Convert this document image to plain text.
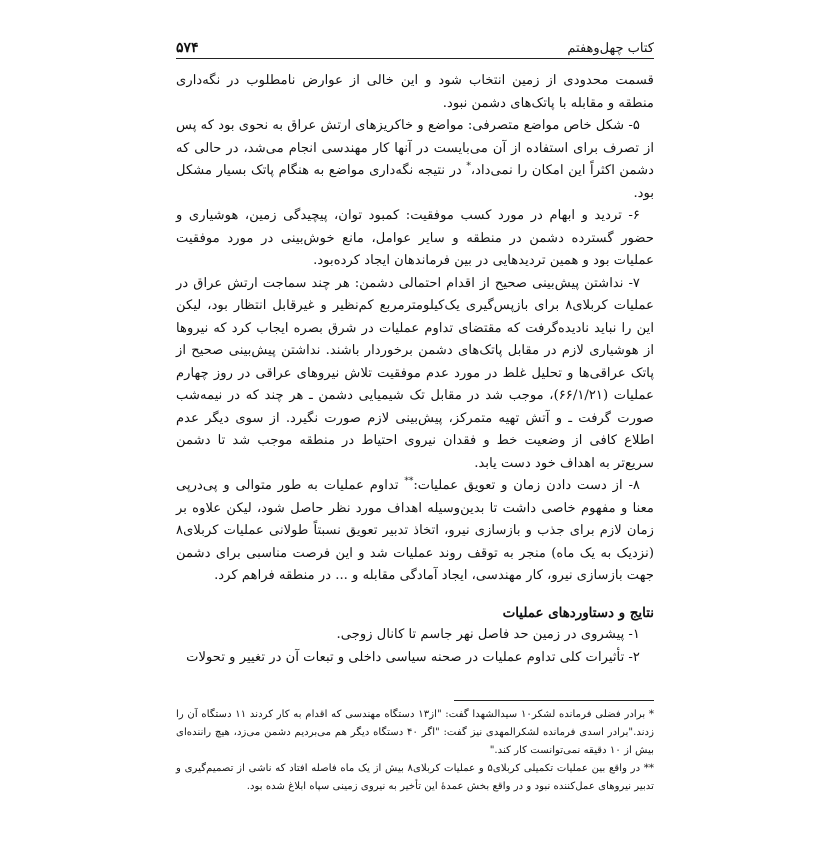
کتاب چهل‌وهفتم
۵۷۴

قسمت محدودی از زمین انتخاب شود و این خالی از عوارض نامطلوب در نگه‌داری منطقه و مقابله با پاتک‌های دشمن نبود.

۵- شکل خاص مواضع متصرفی: مواضع و خاکریزهای ارتش عراق به نحوی بود که پس از تصرف برای استفاده از آن می‌بایست در آنها کار مهندسی انجام می‌شد، در حالی که دشمن اکثراً این امکان را نمی‌داد،* در نتیجه نگه‌داری مواضع به هنگام پاتک بسیار مشکل بود.

۶- تردید و ابهام در مورد کسب موفقیت: کمبود توان، پیچیدگی زمین، هوشیاری و حضور گسترده دشمن در منطقه و سایر عوامل، مانع خوش‌بینی در مورد موفقیت عملیات بود و همین تردیدهایی در بین فرماندهان ایجاد کرده‌بود.

۷- نداشتن پیش‌بینی صحیح از اقدام احتمالی دشمن: هر چند سماجت ارتش عراق در عملیات کربلای۸ برای بازپس‌گیری یک‌کیلومترمربع کم‌نظیر و غیرقابل انتظار بود، لیکن این را نباید نادیده‌گرفت که مقتضای تداوم عملیات در شرق بصره ایجاب کرد که نیروها از هوشیاری لازم در مقابل پاتک‌های دشمن برخوردار باشند. نداشتن پیش‌بینی صحیح از پاتک عراقی‌ها و تحلیل غلط در مورد عدم موفقیت تلاش نیروهای عراقی در روز چهارم عملیات (۶۶/۱/۲۱)، موجب شد در مقابل تک شیمیایی دشمن ـ هر چند که در نیمه‌شب صورت گرفت ـ و آتش تهیه متمرکز، پیش‌بینی لازم صورت نگیرد. از سوی دیگر عدم اطلاع کافی از وضعیت خط و فقدان نیروی احتیاط در منطقه موجب شد تا دشمن سریع‌تر به اهداف خود دست یابد.

۸- از دست دادن زمان و تعویق عملیات:** تداوم عملیات به طور متوالی و پی‌درپی معنا و مفهوم خاصی داشت تا بدین‌وسیله اهداف مورد نظر حاصل شود، لیکن علاوه بر زمان لازم برای جذب و بازسازی نیرو، اتخاذ تدبیر تعویق نسبتاً طولانی عملیات کربلای۸ (نزدیک به یک ماه) منجر به توقف روند عملیات شد و این فرصت مناسبی برای دشمن جهت بازسازی نیرو، کار مهندسی، ایجاد آمادگی مقابله و ... در منطقه فراهم کرد.

نتایج و دستاوردهای عملیات

۱- پیشروی در زمین حد فاصل نهر جاسم تا کانال زوجی.

۲- تأثیرات کلی تداوم عملیات در صحنه سیاسی داخلی و تبعات آن در تغییر و تحولات

* برادر فضلی فرمانده لشکر۱۰ سیدالشهدا گفت: "از۱۳ دستگاه مهندسی که اقدام به کار کردند ۱۱ دستگاه آن را زدند."برادر اسدی فرمانده لشکرالمهدی نیز گفت: "اگر ۴۰ دستگاه دیگر هم می‌بردیم دشمن می‌زد، هیچ راننده‌ای بیش از ۱۰ دقیقه نمی‌توانست کار کند."

** در واقع بین عملیات تکمیلی کربلای۵ و عملیات کربلای۸ بیش از یک ماه فاصله افتاد که ناشی از تصمیم‌گیری و تدبیر نیروهای عمل‌کننده نبود و در واقع بخش عمدهٔ این تأخیر به نیروی زمینی سپاه ابلاغ شده بود.
